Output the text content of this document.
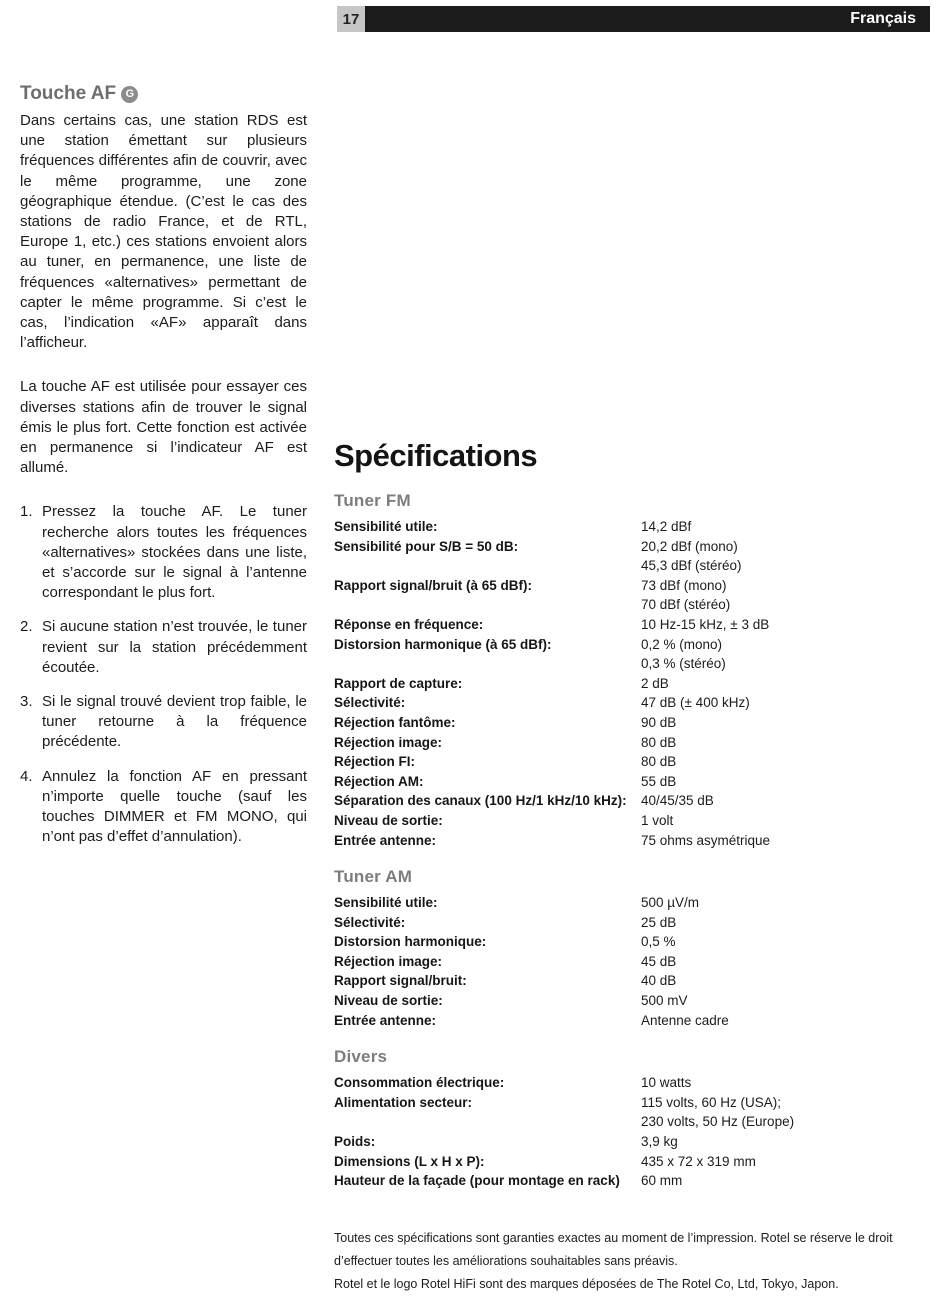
17	Français
Touche AF G

Dans certains cas, une station RDS est une station émettant sur plusieurs fréquences différentes afin de couvrir, avec le même programme, une zone géographique étendue. (C’est le cas des stations de radio France, et de RTL, Europe 1, etc.) ces stations envoient alors au tuner, en permanence, une liste de fréquences «alternatives» permettant de capter le même programme. Si c’est le cas, l’indication «AF» apparaît dans l’afficheur.

La touche AF est utilisée pour essayer ces diverses stations afin de trouver le signal émis le plus fort. Cette fonction est activée en permanence si l’indicateur AF est allumé.

1. Pressez la touche AF. Le tuner recherche alors toutes les fréquences «alternatives» stockées dans une liste, et s’accorde sur le signal à l’antenne correspondant le plus fort.
2. Si aucune station n’est trouvée, le tuner revient sur la station précédemment écoutée.
3. Si le signal trouvé devient trop faible, le tuner retourne à la fréquence précédente.
4. Annulez la fonction AF en pressant n’importe quelle touche (sauf les touches DIMMER et FM MONO, qui n’ont pas d’effet d’annulation).
Spécifications
Tuner FM
Sensibilité utile:	14,2 dBf
Sensibilité pour S/B = 50 dB:	20,2 dBf (mono)
45,3 dBf (stéréo)
Rapport signal/bruit (à 65 dBf):	73 dBf (mono)
70 dBf (stéréo)
Réponse en fréquence:	10 Hz-15 kHz, ± 3 dB
Distorsion harmonique (à 65 dBf):	0,2 % (mono)
0,3 % (stéréo)
Rapport de capture:	2 dB
Sélectivité:	47 dB (± 400 kHz)
Réjection fantôme:	90 dB
Réjection image:	80 dB
Réjection FI:	80 dB
Réjection AM:	55 dB
Séparation des canaux (100 Hz/1 kHz/10 kHz):	40/45/35 dB
Niveau de sortie:	1 volt
Entrée antenne:	75 ohms asymétrique
Tuner AM
Sensibilité utile:	500 µV/m
Sélectivité:	25 dB
Distorsion harmonique:	0,5 %
Réjection image:	45 dB
Rapport signal/bruit:	40 dB
Niveau de sortie:	500 mV
Entrée antenne:	Antenne cadre
Divers
Consommation électrique:	10 watts
Alimentation secteur:	115 volts, 60 Hz (USA);
230 volts, 50 Hz (Europe)
Poids:	3,9 kg
Dimensions (L x H x P):	435 x 72 x 319 mm
Hauteur de la façade (pour montage en rack)	60 mm

Toutes ces spécifications sont garanties exactes au moment de l’impression. Rotel se réserve le droit d’effectuer toutes les améliorations souhaitables sans préavis.

Rotel et le logo Rotel HiFi sont des marques déposées de The Rotel Co, Ltd, Tokyo, Japon.
